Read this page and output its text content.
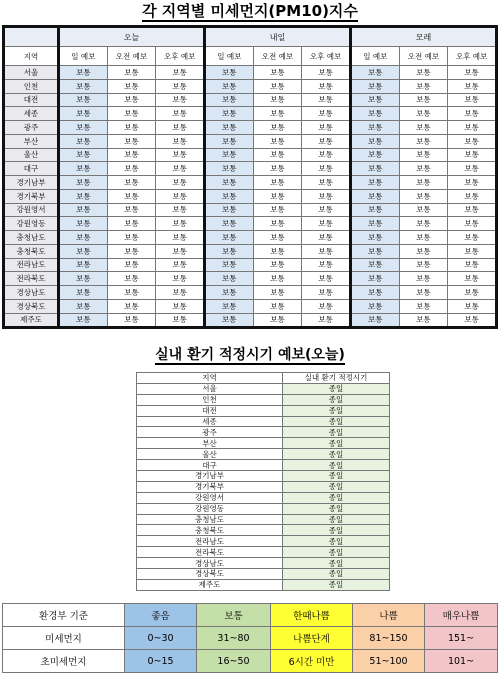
각 지역별 미세먼지(PM10)지수
	오늘			내일			모레		
지역	일 예보	오전 예보	오후 예보	일 예보	오전 예보	오후 예보	일 예보	오전 예보	오후 예보
서울	보통	보통	보통	보통	보통	보통	보통	보통	보통
인천	보통	보통	보통	보통	보통	보통	보통	보통	보통
대전	보통	보통	보통	보통	보통	보통	보통	보통	보통
세종	보통	보통	보통	보통	보통	보통	보통	보통	보통
광주	보통	보통	보통	보통	보통	보통	보통	보통	보통
부산	보통	보통	보통	보통	보통	보통	보통	보통	보통
울산	보통	보통	보통	보통	보통	보통	보통	보통	보통
대구	보통	보통	보통	보통	보통	보통	보통	보통	보통
경기남부	보통	보통	보통	보통	보통	보통	보통	보통	보통
경기북부	보통	보통	보통	보통	보통	보통	보통	보통	보통
강원영서	보통	보통	보통	보통	보통	보통	보통	보통	보통
강원영동	보통	보통	보통	보통	보통	보통	보통	보통	보통
충청남도	보통	보통	보통	보통	보통	보통	보통	보통	보통
충청북도	보통	보통	보통	보통	보통	보통	보통	보통	보통
전라남도	보통	보통	보통	보통	보통	보통	보통	보통	보통
전라북도	보통	보통	보통	보통	보통	보통	보통	보통	보통
경상남도	보통	보통	보통	보통	보통	보통	보통	보통	보통
경상북도	보통	보통	보통	보통	보통	보통	보통	보통	보통
제주도	보통	보통	보통	보통	보통	보통	보통	보통	보통
실내 환기 적정시기 예보(오늘)
지역	실내 환기 적정시기
서울	종일
인천	종일
대전	종일
세종	종일
광주	종일
부산	종일
울산	종일
대구	종일
경기남부	종일
경기북부	종일
강원영서	종일
강원영동	종일
충청남도	종일
충청북도	종일
전라남도	종일
전라북도	종일
경상남도	종일
경상북도	종일
제주도	종일
환경부 기준	좋음	보통	한때나쁨	나쁨	매우나쁨
미세먼지	0~30	31~80	나쁨단계	81~150	151~
초미세먼지	0~15	16~50	6시간 미만	51~100	101~
